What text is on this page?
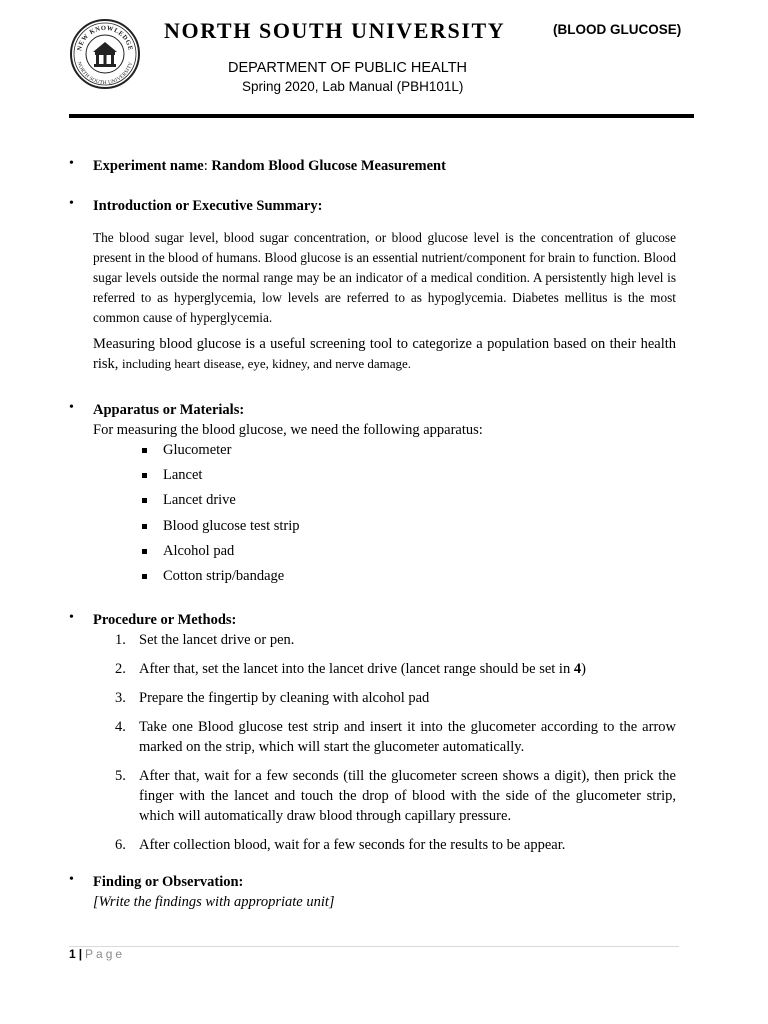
NEW KNOWLEDGE
NORTH SOUTH UNIVERSITY
NORTH SOUTH UNIVERSITY	(BLOOD GLUCOSE)
DEPARTMENT OF PUBLIC HEALTH
Spring 2020, Lab Manual (PBH101L)
• Experiment name: Random Blood Glucose Measurement
• Introduction or Executive Summary:
The blood sugar level, blood sugar concentration, or blood glucose level is the concentration of glucose present in the blood of humans. Blood glucose is an essential nutrient/component for brain to function. Blood sugar levels outside the normal range may be an indicator of a medical condition. A persistently high level is referred to as hyperglycemia, low levels are referred to as hypoglycemia. Diabetes mellitus is the most common cause of hyperglycemia.
Measuring blood glucose is a useful screening tool to categorize a population based on their health risk, including heart disease, eye, kidney, and nerve damage.
• Apparatus or Materials:
For measuring the blood glucose, we need the following apparatus:
Glucometer
Lancet
Lancet drive
Blood glucose test strip
Alcohol pad
Cotton strip/bandage
• Procedure or Methods:
1. Set the lancet drive or pen.
2. After that, set the lancet into the lancet drive (lancet range should be set in 4)
3. Prepare the fingertip by cleaning with alcohol pad
4. Take one Blood glucose test strip and insert it into the glucometer according to the arrow marked on the strip, which will start the glucometer automatically.
5. After that, wait for a few seconds (till the glucometer screen shows a digit), then prick the finger with the lancet and touch the drop of blood with the side of the glucometer strip, which will automatically draw blood through capillary pressure.
6. After collection blood, wait for a few seconds for the results to be appear.
• Finding or Observation:
[Write the findings with appropriate unit]
1 | Page
